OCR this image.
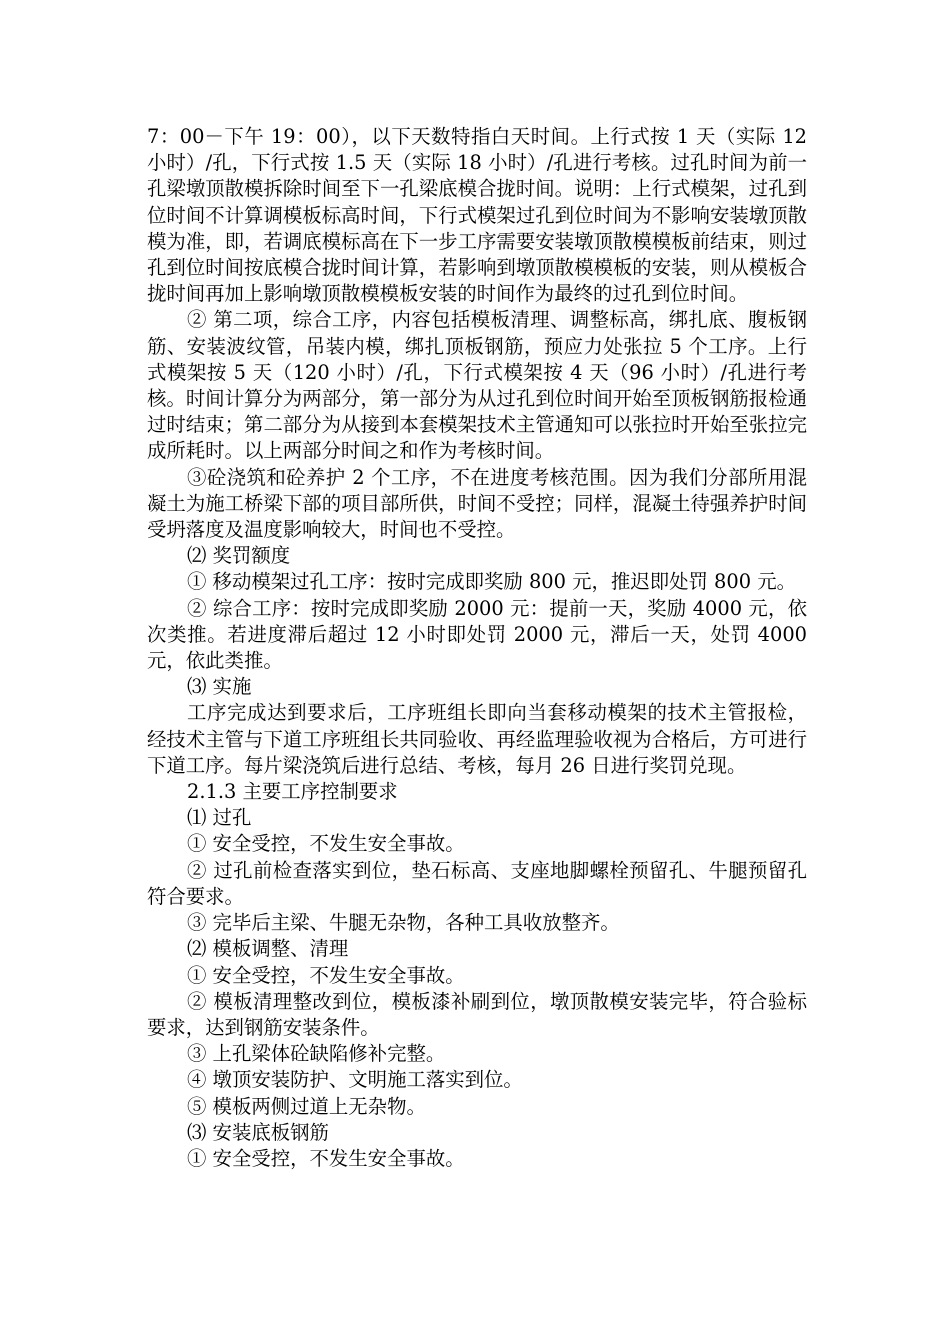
7：00－下午 19：00），以下天数特指白天时间。上行式按 1 天（实际 12 小时）/孔，下行式按 1.5 天（实际 18 小时）/孔进行考核。过孔时间为前一孔梁墩顶散模拆除时间至下一孔梁底模合拢时间。说明：上行式模架，过孔到位时间不计算调模板标高时间，下行式模架过孔到位时间为不影响安装墩顶散模为准，即，若调底模标高在下一步工序需要安装墩顶散模模板前结束，则过孔到位时间按底模合拢时间计算，若影响到墩顶散模模板的安装，则从模板合拢时间再加上影响墩顶散模模板安装的时间作为最终的过孔到位时间。

② 第二项，综合工序，内容包括模板清理、调整标高，绑扎底、腹板钢筋、安装波纹管，吊装内模，绑扎顶板钢筋，预应力处张拉 5 个工序。上行式模架按 5 天（120 小时）/孔，下行式模架按 4 天（96 小时）/孔进行考核。时间计算分为两部分，第一部分为从过孔到位时间开始至顶板钢筋报检通过时结束；第二部分为从接到本套模架技术主管通知可以张拉时开始至张拉完成所耗时。以上两部分时间之和作为考核时间。

③砼浇筑和砼养护 2 个工序，不在进度考核范围。因为我们分部所用混凝土为施工桥梁下部的项目部所供，时间不受控；同样，混凝土待强养护时间受坍落度及温度影响较大，时间也不受控。

⑵ 奖罚额度

① 移动模架过孔工序：按时完成即奖励 800 元，推迟即处罚 800 元。

② 综合工序：按时完成即奖励 2000 元：提前一天，奖励 4000 元，依次类推。若进度滞后超过 12 小时即处罚 2000 元，滞后一天，处罚 4000 元，依此类推。

⑶ 实施

工序完成达到要求后，工序班组长即向当套移动模架的技术主管报检，经技术主管与下道工序班组长共同验收、再经监理验收视为合格后，方可进行下道工序。每片梁浇筑后进行总结、考核，每月 26 日进行奖罚兑现。

2.1.3 主要工序控制要求

⑴ 过孔

① 安全受控，不发生安全事故。

② 过孔前检查落实到位，垫石标高、支座地脚螺栓预留孔、牛腿预留孔符合要求。

③ 完毕后主梁、牛腿无杂物，各种工具收放整齐。

⑵ 模板调整、清理

① 安全受控，不发生安全事故。

② 模板清理整改到位，模板漆补刷到位，墩顶散模安装完毕，符合验标要求，达到钢筋安装条件。

③ 上孔梁体砼缺陷修补完整。

④ 墩顶安装防护、文明施工落实到位。

⑤ 模板两侧过道上无杂物。

⑶ 安装底板钢筋

① 安全受控，不发生安全事故。
